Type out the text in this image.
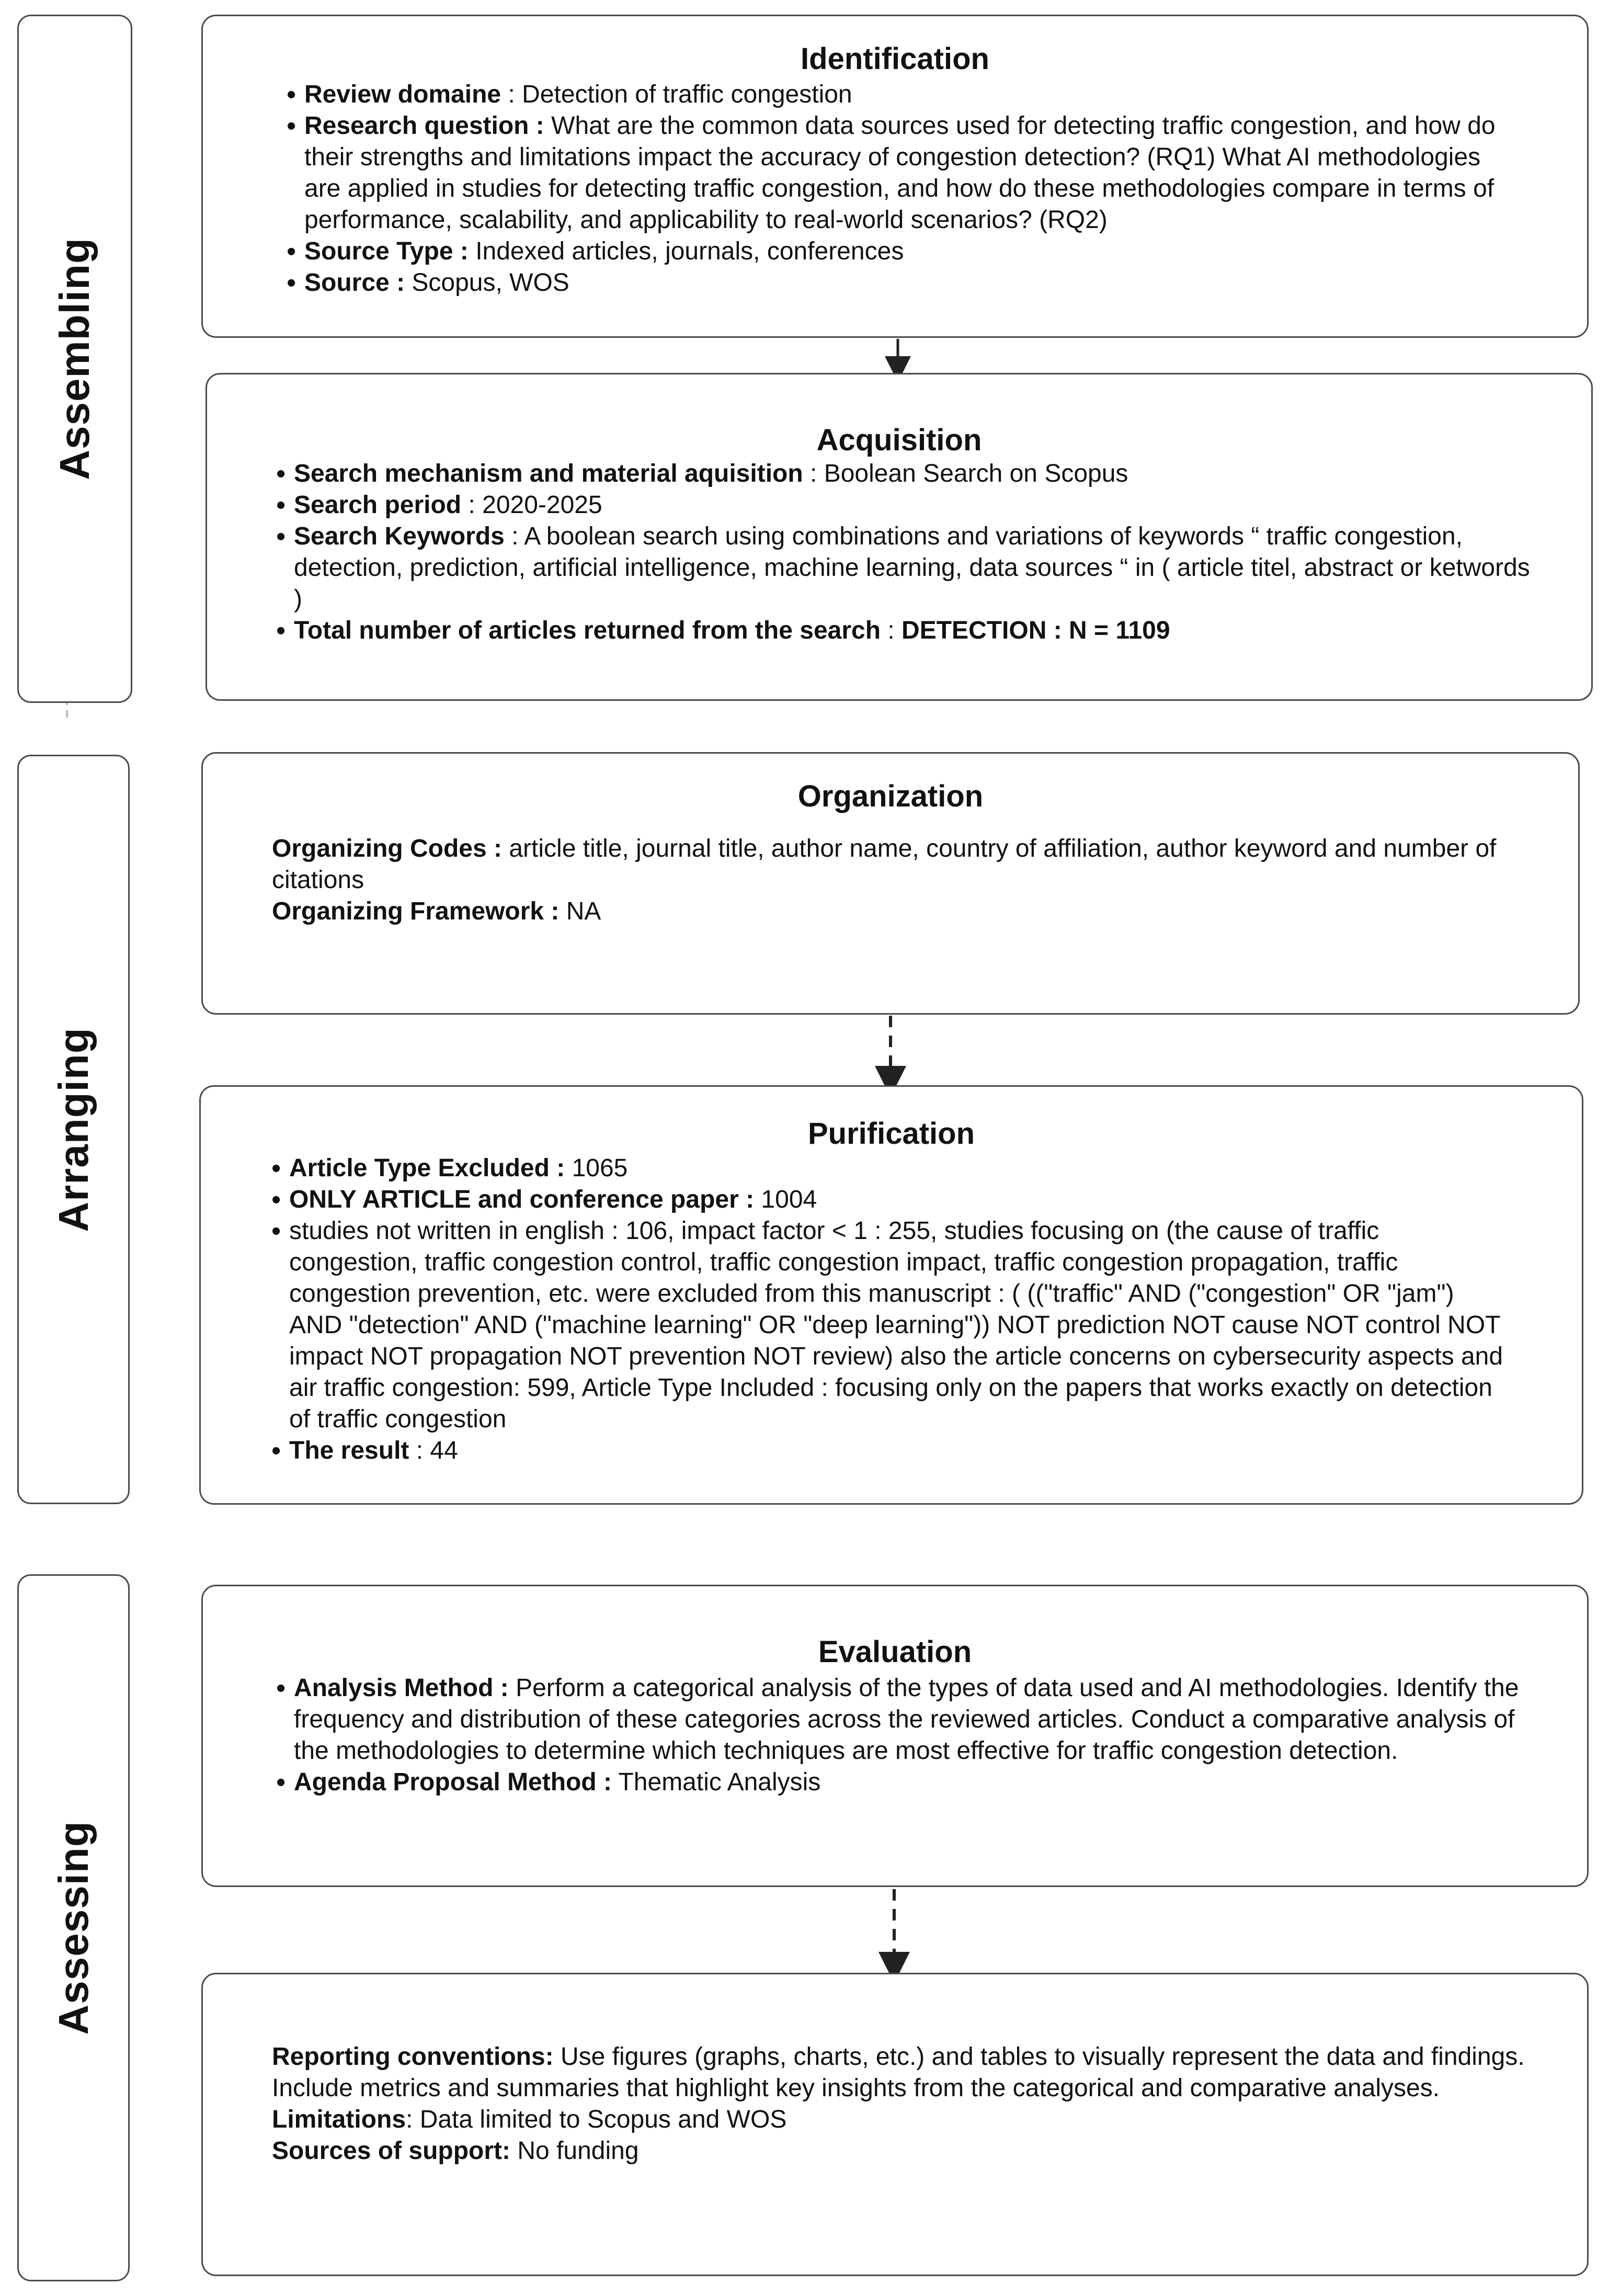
Assembling
Arranging
Assessing
Identification
• Review domaine : Detection of traffic congestion
• Research question : What are the common data sources used for detecting traffic congestion, and how do their strengths and limitations impact the accuracy of congestion detection? (RQ1) What AI methodologies are applied in studies for detecting traffic congestion, and how do these methodologies compare in terms of performance, scalability, and applicability to real-world scenarios? (RQ2)
• Source Type : Indexed articles, journals, conferences
• Source : Scopus, WOS
Acquisition
• Search mechanism and material aquisition : Boolean Search on Scopus
• Search period : 2020-2025
• Search Keywords : A boolean search using combinations and variations of keywords “ traffic congestion, detection, prediction, artificial intelligence, machine learning, data sources “ in ( article titel, abstract or ketwords )
• Total number of articles returned from the search : DETECTION : N = 1109
Organization

Organizing Codes : article title, journal title, author name, country of affiliation, author keyword and number of citations

Organizing Framework : NA

Purification
• Article Type Excluded : 1065
• ONLY ARTICLE and conference paper : 1004
• studies not written in english : 106, impact factor < 1 : 255, studies focusing on (the cause of traffic congestion, traffic congestion control, traffic congestion impact, traffic congestion propagation, traffic congestion prevention, etc. were excluded from this manuscript : ( (("traffic" AND ("congestion" OR "jam") AND "detection" AND ("machine learning" OR "deep learning")) NOT prediction NOT cause NOT control NOT impact NOT propagation NOT prevention NOT review) also the article concerns on cybersecurity aspects and air traffic congestion: 599, Article Type Included : focusing only on the papers that works exactly on detection of traffic congestion
• The result : 44
Evaluation
• Analysis Method : Perform a categorical analysis of the types of data used and AI methodologies. Identify the frequency and distribution of these categories across the reviewed articles. Conduct a comparative analysis of the methodologies to determine which techniques are most effective for traffic congestion detection.
• Agenda Proposal Method : Thematic Analysis

Reporting conventions: Use figures (graphs, charts, etc.) and tables to visually represent the data and findings. Include metrics and summaries that highlight key insights from the categorical and comparative analyses.

Limitations: Data limited to Scopus and WOS

Sources of support: No funding
